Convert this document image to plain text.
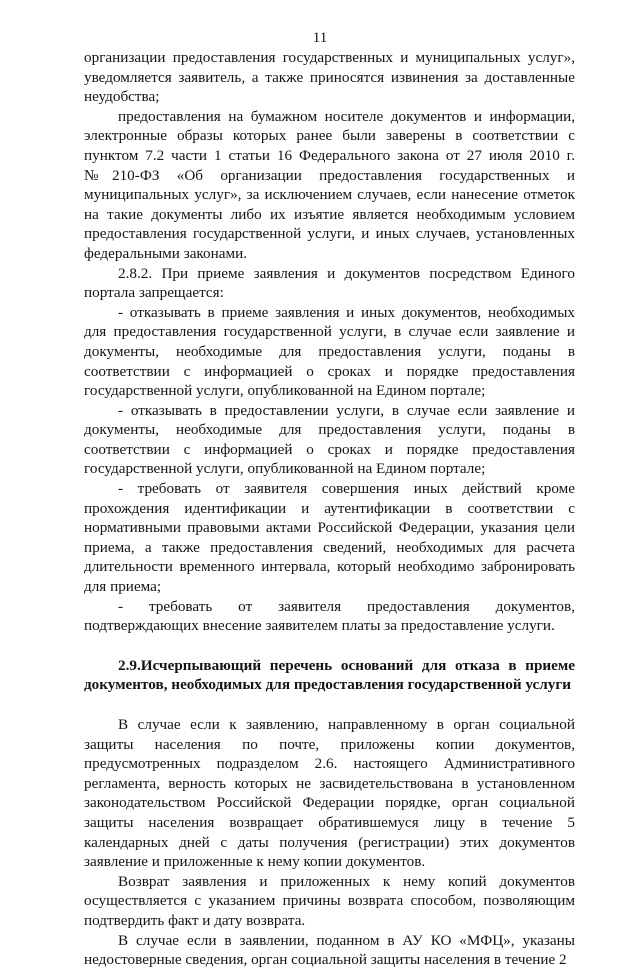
11

организации предоставления государственных и муниципальных услуг», уведомляется заявитель, а также приносятся извинения за доставленные неудобства;

предоставления на бумажном носителе документов и информации, электронные образы которых ранее были заверены в соответствии с пунктом 7.2 части 1 статьи 16 Федерального закона от 27 июля 2010 г. №210-ФЗ «Об организации предоставления государственных и муниципальных услуг», за исключением случаев, если нанесение отметок на такие документы либо их изъятие является необходимым условием предоставления государственной услуги, и иных случаев, установленных федеральными законами.

2.8.2. При приеме заявления и документов посредством Единого портала запрещается:

- отказывать в приеме заявления и иных документов, необходимых для предоставления государственной услуги, в случае если заявление и документы, необходимые для предоставления услуги, поданы в соответствии с информацией о сроках и порядке предоставления государственной услуги, опубликованной на Едином портале;

- отказывать в предоставлении услуги, в случае если заявление и документы, необходимые для предоставления услуги, поданы в соответствии с информацией о сроках и порядке предоставления государственной услуги, опубликованной на Едином портале;

- требовать от заявителя совершения иных действий кроме прохождения идентификации и аутентификации в соответствии с нормативными правовыми актами Российской Федерации, указания цели приема, а также предоставления сведений, необходимых для расчета длительности временного интервала, который необходимо забронировать для приема;

- требовать от заявителя предоставления документов, подтверждающих внесение заявителем платы за предоставление услуги.

2.9.Исчерпывающий перечень оснований для отказа в приеме документов, необходимых для предоставления государственной услуги

В случае если к заявлению, направленному в орган социальной защиты населения по почте, приложены копии документов, предусмотренных подразделом 2.6. настоящего Административного регламента, верность которых не засвидетельствована в установленном законодательством Российской Федерации порядке, орган социальной защиты населения возвращает обратившемуся лицу в течение 5 календарных дней с даты получения (регистрации) этих документов заявление и приложенные к нему копии документов.

Возврат заявления и приложенных к нему копий документов осуществляется с указанием причины возврата способом, позволяющим подтвердить факт и дату возврата.

В случае если в заявлении, поданном в АУ КО «МФЦ», указаны недостоверные сведения, орган социальной защиты населения в течение 2
